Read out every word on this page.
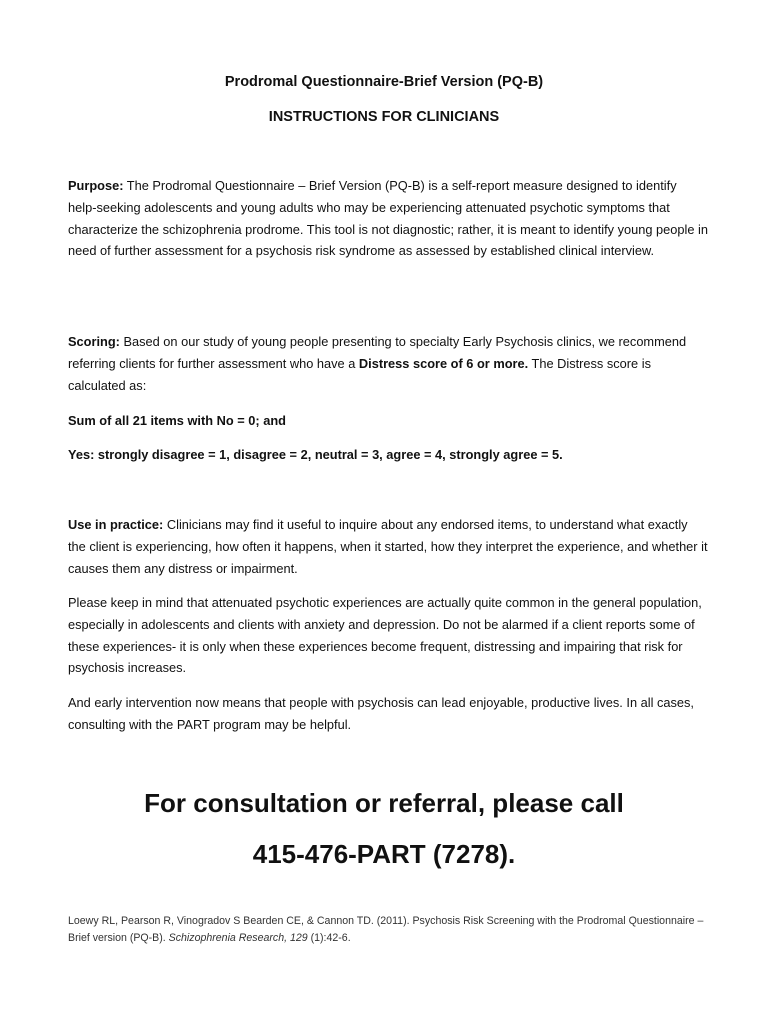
Prodromal Questionnaire-Brief Version (PQ-B)
INSTRUCTIONS FOR CLINICIANS

Purpose: The Prodromal Questionnaire – Brief Version (PQ-B) is a self-report measure designed to identify help-seeking adolescents and young adults who may be experiencing attenuated psychotic symptoms that characterize the schizophrenia prodrome. This tool is not diagnostic; rather, it is meant to identify young people in need of further assessment for a psychosis risk syndrome as assessed by established clinical interview.

Scoring: Based on our study of young people presenting to specialty Early Psychosis clinics, we recommend referring clients for further assessment who have a Distress score of 6 or more. The Distress score is calculated as:

Sum of all 21 items with No = 0; and

Yes: strongly disagree = 1, disagree = 2, neutral = 3, agree = 4, strongly agree = 5.

Use in practice: Clinicians may find it useful to inquire about any endorsed items, to understand what exactly the client is experiencing, how often it happens, when it started, how they interpret the experience, and whether it causes them any distress or impairment.

Please keep in mind that attenuated psychotic experiences are actually quite common in the general population, especially in adolescents and clients with anxiety and depression. Do not be alarmed if a client reports some of these experiences- it is only when these experiences become frequent, distressing and impairing that risk for psychosis increases.

And early intervention now means that people with psychosis can lead enjoyable, productive lives. In all cases, consulting with the PART program may be helpful.

For consultation or referral, please call
415-476-PART (7278).

Loewy RL, Pearson R, Vinogradov S Bearden CE, & Cannon TD. (2011). Psychosis Risk Screening with the Prodromal Questionnaire – Brief version (PQ-B). Schizophrenia Research, 129 (1):42-6.
